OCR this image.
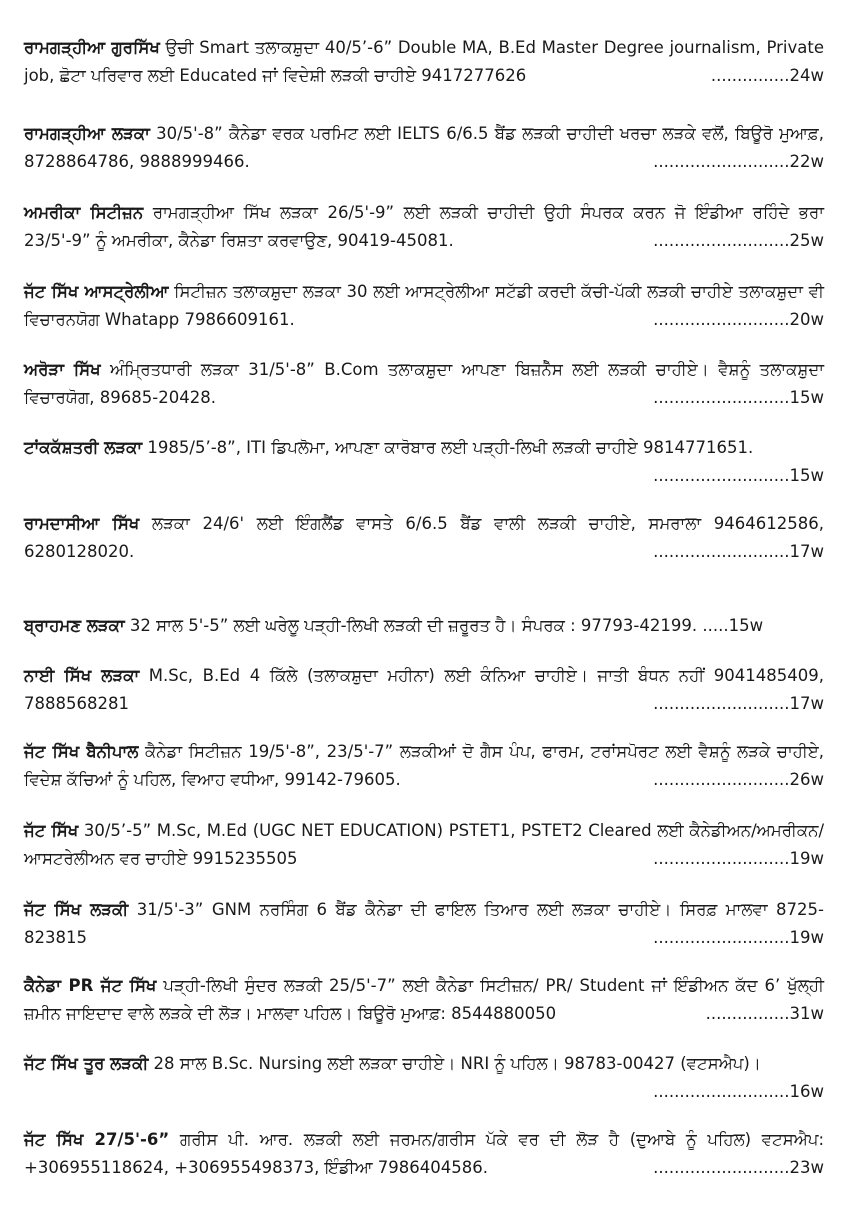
ਰਾਮਗੜ੍ਹੀਆ ਗੁਰਸਿੱਖ ਉਚੀ Smart ਤਲਾਕਸ਼ੁਦਾ 40/5’-6” Double MA, B.Ed Master Degree journalism, Private job, ਛੋਟਾ ਪਰਿਵਾਰ ਲਈ Educated ਜਾਂ ਵਿਦੇਸ਼ੀ ਲੜਕੀ ਚਾਹੀਏ 9417277626	...............24w
ਰਾਮਗੜ੍ਹੀਆ ਲੜਕਾ 30/5'-8” ਕੈਨੇਡਾ ਵਰਕ ਪਰਮਿਟ ਲਈ IELTS 6/6.5 ਬੈਂਡ ਲੜਕੀ ਚਾਹੀਦੀ ਖਰਚਾ ਲੜਕੇ ਵਲੋਂ, ਬਿਊਰੋ ਮੁਆਫ਼, 8728864786, 9888999466.	..........................22w
ਅਮਰੀਕਾ ਸਿਟੀਜ਼ਨ ਰਾਮਗੜ੍ਹੀਆ ਸਿੱਖ ਲੜਕਾ 26/5'-9” ਲਈ ਲੜਕੀ ਚਾਹੀਦੀ ਉਹੀ ਸੰਪਰਕ ਕਰਨ ਜੋ ਇੰਡੀਆ ਰਹਿੰਦੇ ਭਰਾ 23/5'-9” ਨੂੰ ਅਮਰੀਕਾ, ਕੈਨੇਡਾ ਰਿਸ਼ਤਾ ਕਰਵਾਉਣ, 90419-45081.	..........................25w
ਜੱਟ ਸਿੱਖ ਆਸਟ੍ਰੇਲੀਆ ਸਿਟੀਜ਼ਨ ਤਲਾਕਸ਼ੁਦਾ ਲੜਕਾ 30 ਲਈ ਆਸਟ੍ਰੇਲੀਆ ਸਟੱਡੀ ਕਰਦੀ ਕੱਚੀ-ਪੱਕੀ ਲੜਕੀ ਚਾਹੀਏ ਤਲਾਕਸ਼ੁਦਾ ਵੀ ਵਿਚਾਰਨਯੋਗ Whatapp 7986609161.	..........................20w
ਅਰੋੜਾ ਸਿੱਖ ਅੰਮ੍ਰਿਤਧਾਰੀ ਲੜਕਾ 31/5'-8” B.Com ਤਲਾਕਸ਼ੁਦਾ ਆਪਣਾ ਬਿਜ਼ਨੈੱਸ ਲਈ ਲੜਕੀ ਚਾਹੀਏ। ਵੈਸ਼ਨੂੰ ਤਲਾਕਸ਼ੁਦਾ ਵਿਚਾਰਯੋਗ, 89685-20428.	..........................15w
ਟਾਂਕਕੱਸ਼ਤਰੀ ਲੜਕਾ 1985/5’-8”, ITI ਡਿਪਲੋਮਾ, ਆਪਣਾ ਕਾਰੋਬਾਰ ਲਈ ਪੜ੍ਹੀ-ਲਿਖੀ ਲੜਕੀ ਚਾਹੀਏ 9814771651.
..........................15w
ਰਾਮਦਾਸੀਆ ਸਿੱਖ ਲੜਕਾ 24/6' ਲਈ ਇੰਗਲੈਂਡ ਵਾਸਤੇ 6/6.5 ਬੈਂਡ ਵਾਲੀ ਲੜਕੀ ਚਾਹੀਏ, ਸਮਰਾਲਾ 9464612586, 6280128020.	..........................17w
ਬ੍ਰਾਹਮਣ ਲੜਕਾ 32 ਸਾਲ 5'-5” ਲਈ ਘਰੇਲੂ ਪੜ੍ਹੀ-ਲਿਖੀ ਲੜਕੀ ਦੀ ਜ਼ਰੂਰਤ ਹੈ। ਸੰਪਰਕ : 97793-42199. .....15w
ਨਾਈ ਸਿੱਖ ਲੜਕਾ M.Sc, B.Ed 4 ਕਿੱਲੇ (ਤਲਾਕਸ਼ੁਦਾ ਮਹੀਨਾ) ਲਈ ਕੰਨਿਆ ਚਾਹੀਏ। ਜਾਤੀ ਬੰਧਨ ਨਹੀਂ 9041485409, 7888568281	..........................17w
ਜੱਟ ਸਿੱਖ ਬੈਨੀਪਾਲ ਕੈਨੇਡਾ ਸਿਟੀਜ਼ਨ 19/5'-8”, 23/5'-7” ਲੜਕੀਆਂ ਦੋ ਗੈਸ ਪੰਪ, ਫਾਰਮ, ਟਰਾਂਸਪੋਰਟ ਲਈ ਵੈਸ਼ਨੂੰ ਲੜਕੇ ਚਾਹੀਏ, ਵਿਦੇਸ਼ ਕੱਚਿਆਂ ਨੂੰ ਪਹਿਲ, ਵਿਆਹ ਵਧੀਆ, 99142-79605.	..........................26w
ਜੱਟ ਸਿੱਖ 30/5’-5” M.Sc, M.Ed (UGC NET EDUCATION) PSTET1, PSTET2 Cleared ਲਈ ਕੈਨੇਡੀਅਨ/ਅਮਰੀਕਨ/ਆਸਟਰੇਲੀਅਨ ਵਰ ਚਾਹੀਏ 9915235505	..........................19w
ਜੱਟ ਸਿੱਖ ਲੜਕੀ 31/5'-3” GNM ਨਰਸਿੰਗ 6 ਬੈਂਡ ਕੈਨੇਡਾ ਦੀ ਫਾਇਲ ਤਿਆਰ ਲਈ ਲੜਕਾ ਚਾਹੀਏ। ਸਿਰਫ਼ ਮਾਲਵਾ 8725-823815	..........................19w
ਕੈਨੇਡਾ PR ਜੱਟ ਸਿੱਖ ਪੜ੍ਹੀ-ਲਿਖੀ ਸੁੰਦਰ ਲੜਕੀ 25/5'-7” ਲਈ ਕੈਨੇਡਾ ਸਿਟੀਜ਼ਨ/ PR/ Student ਜਾਂ ਇੰਡੀਅਨ ਕੱਦ 6’ ਖੁੱਲ੍ਹੀ ਜ਼ਮੀਨ ਜਾਇਦਾਦ ਵਾਲੇ ਲੜਕੇ ਦੀ ਲੋੜ। ਮਾਲਵਾ ਪਹਿਲ। ਬਿਊਰੋ ਮੁਆਫ਼: 8544880050	................31w
ਜੱਟ ਸਿੱਖ ਤੂਰ ਲੜਕੀ 28 ਸਾਲ B.Sc. Nursing ਲਈ ਲੜਕਾ ਚਾਹੀਏ। NRI ਨੂੰ ਪਹਿਲ। 98783-00427 (ਵਟਸਐਪ)।
..........................16w
ਜੱਟ ਸਿੱਖ 27/5'-6” ਗਰੀਸ ਪੀ. ਆਰ. ਲੜਕੀ ਲਈ ਜਰਮਨ/ਗਰੀਸ ਪੱਕੇ ਵਰ ਦੀ ਲੋੜ ਹੈ (ਦੁਆਬੇ ਨੂੰ ਪਹਿਲ) ਵਟਸਐਪ: +306955118624, +306955498373, ਇੰਡੀਆ 7986404586.	..........................23w
